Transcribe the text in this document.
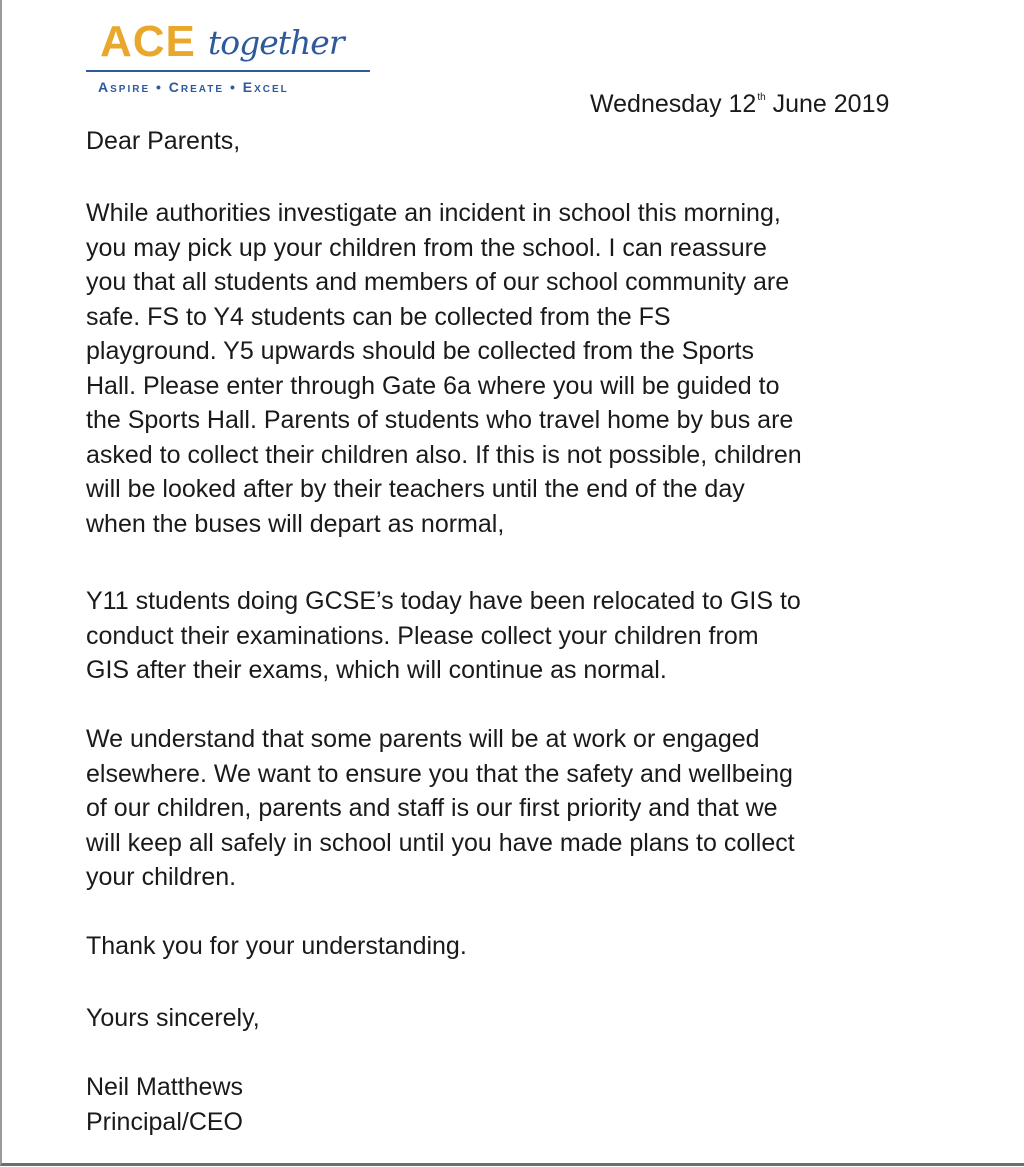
ACE together
Aspire • Create • Excel
Wednesday 12th June 2019

Dear Parents,

While authorities investigate an incident in school this morning,
you may pick up your children from the school. I can reassure
you that all students and members of our school community are
safe. FS to Y4 students can be collected from the FS
playground. Y5 upwards should be collected from the Sports
Hall. Please enter through Gate 6a where you will be guided to
the Sports Hall. Parents of students who travel home by bus are
asked to collect their children also. If this is not possible, children
will be looked after by their teachers until the end of the day
when the buses will depart as normal,

Y11 students doing GCSE’s today have been relocated to GIS to
conduct their examinations. Please collect your children from
GIS after their exams, which will continue as normal.

We understand that some parents will be at work or engaged
elsewhere. We want to ensure you that the safety and wellbeing
of our children, parents and staff is our first priority and that we
will keep all safely in school until you have made plans to collect
your children.

Thank you for your understanding.

Yours sincerely,

Neil Matthews

Principal/CEO
